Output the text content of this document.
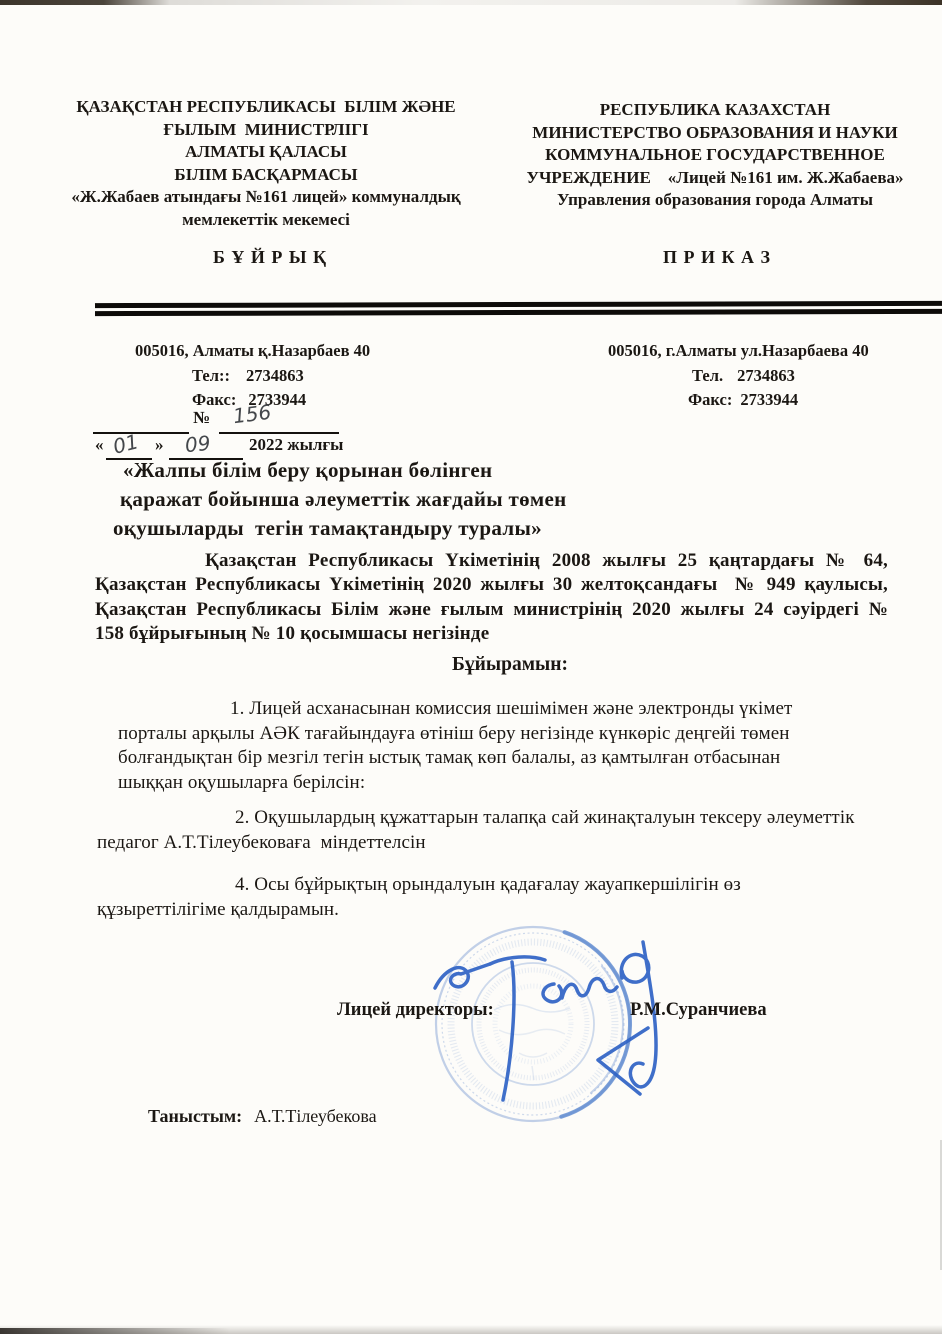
ҚАЗАҚСТАН РЕСПУБЛИКАСЫ  БІЛІМ ЖӘНЕ
ҒЫЛЫМ  МИНИСТРЛІГІ
АЛМАТЫ ҚАЛАСЫ
БІЛІМ БАСҚАРМАСЫ
«Ж.Жабаев атындағы №161 лицей» коммуналдық
мемлекеттік мекемесі
РЕСПУБЛИКА КАЗАХСТАН
МИНИСТЕРСТВО ОБРАЗОВАНИЯ И НАУКИ
КОММУНАЛЬНОЕ ГОСУДАРСТВЕННОЕ
УЧРЕЖДЕНИЕ    «Лицей №161 им. Ж.Жабаева»
Управления образования города Алматы
Б Ұ Й Р Ы Қ	П Р И К А З
005016, Алматы қ.Назарбаев 40
Тел:: 2734863
Факс: 2733944
№ 156
« 01 » 09 2022 жылғы
005016, г.Алматы ул.Назарбаева 40
Тел. 2734863
Факс: 2733944
«Жалпы білім беру қорынан бөлінген
қаражат бойынша әлеуметтік жағдайы төмен
оқушыларды  тегін тамақтандыру туралы»
Қазақстан Республикасы Үкіметінің 2008 жылғы 25 қаңтардағы № 64,
Қазақстан Республикасы Үкіметінің 2020 жылғы 30 желтоқсандағы  № 949 қаулысы,
Қазақстан Республикасы Білім және ғылым министрінің 2020 жылғы 24 сәуірдегі №
158 бұйрығының № 10 қосымшасы негізінде
Бұйырамын:
1. Лицей асханасынан комиссия шешімімен және электронды үкімет
порталы арқылы АӘК тағайындауға өтініш беру негізінде күнкөріс деңгейі төмен
болғандықтан бір мезгіл тегін ыстық тамақ көп балалы, аз қамтылған отбасынан
шыққан оқушыларға берілсін:
2. Оқушылардың құжаттарын талапқа сай жинақталуын тексеру әлеуметтік
педагог А.Т.Тілеубековаға  міндеттелсін
4. Осы бұйрықтың орындалуын қадағалау жауапкершілігін өз
құзыреттілігіме қалдырамын.
Лицей директоры:	Р.М.Суранчиева
Таныстым: А.Т.Тілеубекова
